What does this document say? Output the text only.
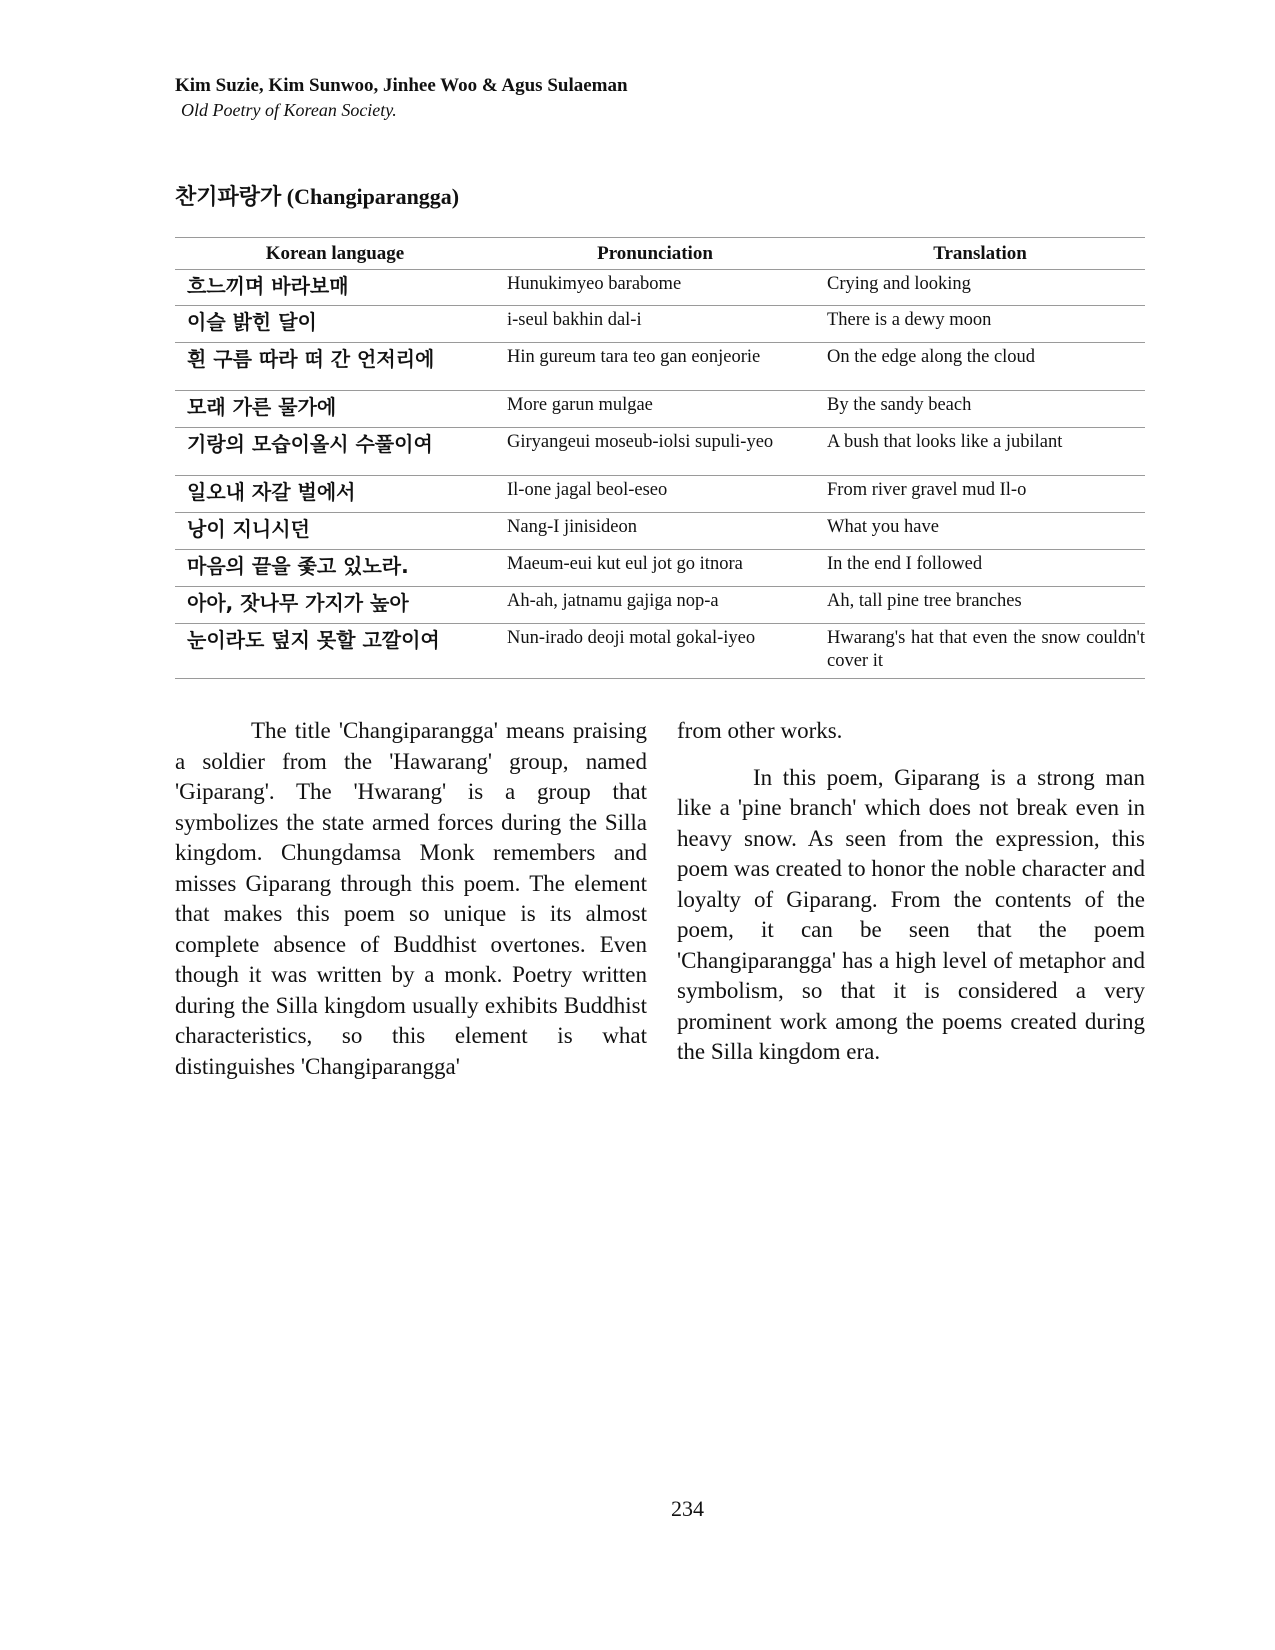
Kim Suzie, Kim Sunwoo, Jinhee Woo & Agus Sulaeman
Old Poetry of Korean Society.
찬기파랑가 (Changiparangga)
Korean language	Pronunciation	Translation
흐느끼며 바라보매	Hunukimyeo barabome	Crying and looking
이슬 밝힌 달이	i-seul bakhin dal-i	There is a dewy moon
흰 구름 따라 떠 간 언저리에	Hin gureum tara teo gan eonjeorie	On the edge along the cloud
모래 가른 물가에	More garun mulgae	By the sandy beach
기랑의 모습이올시 수풀이여	Giryangeui moseub-iolsi supuli-yeo	A bush that looks like a jubilant
일오내 자갈 벌에서	Il-one jagal beol-eseo	From river gravel mud Il-o
낭이 지니시던	Nang-I jinisideon	What you have
마음의 끝을 좇고 있노라.	Maeum-eui kut eul jot go itnora	In the end I followed
아아, 잣나무 가지가 높아	Ah-ah, jatnamu gajiga nop-a	Ah, tall pine tree branches
눈이라도 덮지 못할 고깔이여	Nun-irado deoji motal gokal-iyeo	Hwarang's hat that even the snow couldn't cover it

The title 'Changiparangga' means praising a soldier from the 'Hawarang' group, named 'Giparang'. The 'Hwarang' is a group that symbolizes the state armed forces during the Silla kingdom. Chungdamsa Monk remembers and misses Giparang through this poem. The element that makes this poem so unique is its almost complete absence of Buddhist overtones. Even though it was written by a monk. Poetry written during the Silla kingdom usually exhibits Buddhist characteristics, so this element is what distinguishes 'Changiparangga'

from other works.

In this poem, Giparang is a strong man like a 'pine branch' which does not break even in heavy snow. As seen from the expression, this poem was created to honor the noble character and loyalty of Giparang. From the contents of the poem, it can be seen that the poem 'Changiparangga' has a high level of metaphor and symbolism, so that it is considered a very prominent work among the poems created during the Silla kingdom era.

234
